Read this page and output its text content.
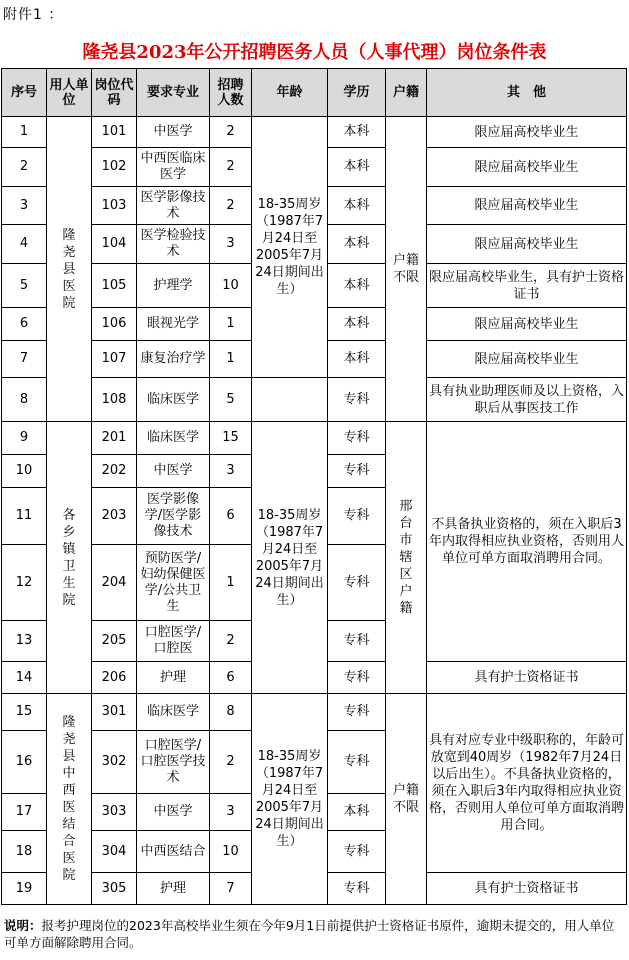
附件1 ：
隆尧县2023年公开招聘医务人员（人事代理）岗位条件表
序号	用人单位	岗位代码	要求专业	招聘人数	年龄	学历	户籍	其　他
1	隆尧县医院	101	中医学	2	18-35周岁（1987年7月24日至2005年7月24日期间出生）	本科	户籍不限	限应届高校毕业生
2		102	中西医临床医学	2		本科		限应届高校毕业生
3		103	医学影像技术	2		本科		限应届高校毕业生
4		104	医学检验技术	3		本科		限应届高校毕业生
5		105	护理学	10		本科		限应届高校毕业生，具有护士资格证书
6		106	眼视光学	1		本科		限应届高校毕业生
7		107	康复治疗学	1		本科		限应届高校毕业生
8		108	临床医学	5		专科		具有执业助理医师及以上资格，入职后从事医技工作
9	各乡镇卫生院	201	临床医学	15	18-35周岁（1987年7月24日至2005年7月24日期间出生）	专科	邢台市辖区户籍	不具备执业资格的，须在入职后3年内取得相应执业资格，否则用人单位可单方面取消聘用合同。
10		202	中医学	3		专科		
11		203	医学影像学/医学影像技术	6		专科		
12		204	预防医学/妇幼保健医学/公共卫生	1		专科		
13		205	口腔医学/口腔医	2		专科		
14		206	护理	6		专科		具有护士资格证书
15	隆尧县中西医结合医院	301	临床医学	8	18-35周岁（1987年7月24日至2005年7月24日期间出生）	专科	户籍不限	具有对应专业中级职称的，年龄可放宽到40周岁（1982年7月24日以后出生）。不具备执业资格的，须在入职后3年内取得相应执业资格，否则用人单位可单方面取消聘用合同。
16		302	口腔医学/口腔医学技术	2		专科		
17		303	中医学	3		本科		
18		304	中西医结合	10		专科		
19		305	护理	7		专科		具有护士资格证书
说明：报考护理岗位的2023年高校毕业生须在今年9月1日前提供护士资格证书原件，逾期未提交的，用人单位可单方面解除聘用合同。
